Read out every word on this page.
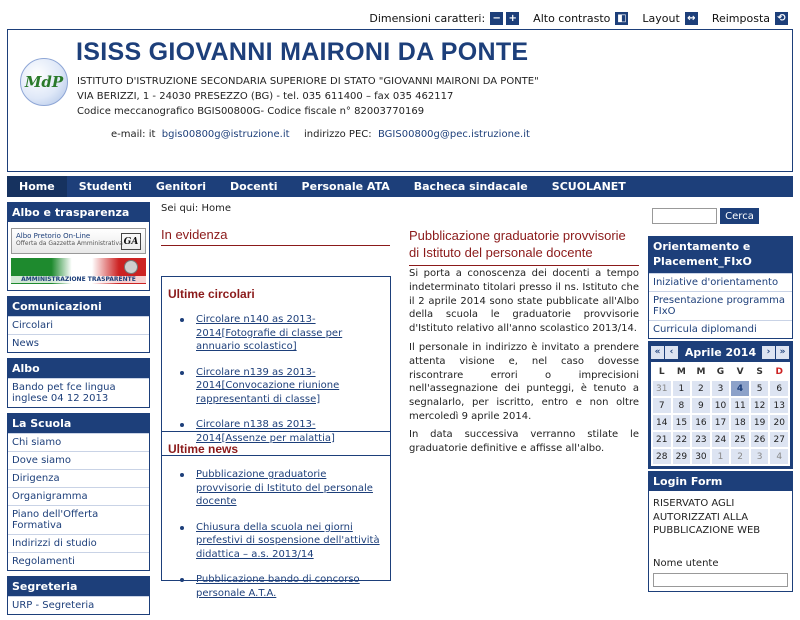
Dimensioni caratteri: − + Alto contrasto ◧ Layout ↔ Reimposta ⟲
MdP
ISISS GIOVANNI MAIRONI DA PONTE
ISTITUTO D'ISTRUZIONE SECONDARIA SUPERIORE DI STATO "GIOVANNI MAIRONI DA PONTE"
VIA BERIZZI, 1 - 24030 PRESEZZO (BG) - tel. 035 611400 – fax 035 462117
Codice meccanografico BGIS00800G- Codice fiscale n° 82003770169
e-mail: it bgis00800g@istruzione.it indirizzo PEC: BGIS00800g@pec.istruzione.it
Home	Studenti	Genitori	Docenti	Personale ATA	Bacheca sindacale	SCUOLANET
Albo e trasparenza
Albo Pretorio On-Line
Offerta da Gazzetta Amministrativa GA
AMMINISTRAZIONE TRASPARENTE
Comunicazioni
Circolari
News
Albo
Bando pet fce lingua inglese 04 12 2013
La Scuola
Chi siamo
Dove siamo
Dirigenza
Organigramma
Piano dell'Offerta Formativa
Indirizzi di studio
Regolamenti
Segreteria
URP - Segreteria
Sei qui: Home
In evidenza
Ultime circolari
Circolare n140 as 2013-2014[Fotografie di classe per annuario scolastico]
Circolare n139 as 2013-2014[Convocazione riunione rappresentanti di classe]
Circolare n138 as 2013-2014[Assenze per malattia]
Ultime news
Pubblicazione graduatorie provvisorie di Istituto del personale docente
Chiusura della scuola nei giorni prefestivi di sospensione dell'attività didattica – a.s. 2013/14
Pubblicazione bando di concorso personale A.T.A.
Pubblicazione graduatorie provvisorie di Istituto del personale docente
Si porta a conoscenza dei docenti a tempo indeterminato titolari presso il ns. Istituto che il 2 aprile 2014 sono state pubblicate all'Albo della scuola le graduatorie provvisorie d'Istituto relativo all'anno scolastico 2013/14.
Il personale in indirizzo è invitato a prendere attenta visione e, nel caso dovesse riscontrare errori o imprecisioni nell'assegnazione dei punteggi, è tenuto a segnalarlo, per iscritto, entro e non oltre mercoledì 9 aprile 2014.
In data successiva verranno stilate le graduatorie definitive e affisse all'albo.
Cerca
Orientamento e Placement_FIxO
Iniziative d'orientamento
Presentazione programma FIxO
Curricula diplomandi
«	‹	Aprile 2014	›	»
L	M	M	G	V	S	D
31	1	2	3	4	5	6
7	8	9	10 11 12 13
14 15 16 17 18 19 20
21 22 23 24 25 26 27
28 29 30	1	2	3	4
Login Form
RISERVATO AGLI AUTORIZZATI ALLA PUBBLICAZIONE WEB
Nome utente
